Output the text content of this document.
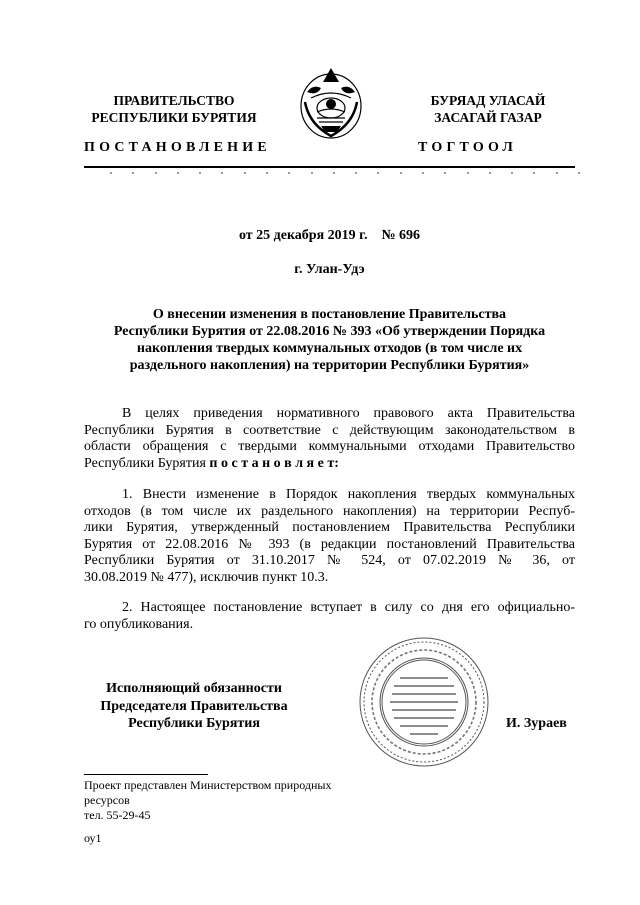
ПРАВИТЕЛЬСТВО
РЕСПУБЛИКИ БУРЯТИЯ
БУРЯАД УЛАСАЙ
ЗАСАГАЙ ГАЗАР
ПОСТАНОВЛЕНИЕ	ТОГТООЛ
от 25 декабря 2019 г.    № 696
г. Улан-Удэ
О внесении изменения в постановление Правительства
Республики Бурятия от 22.08.2016 № 393 «Об утверждении Порядка
накопления твердых коммунальных отходов (в том числе их
раздельного накопления) на территории Республики Бурятия»
В целях приведения нормативного правового акта Правительства
Республики Бурятия в соответствие с действующим законодательством в
области обращения с твердыми коммунальными отходами Правительство
Республики Бурятия п о с т а н о в л я е т:
1. Внести изменение в Порядок накопления твердых коммунальных
отходов (в том числе их раздельного накопления) на территории Респуб-
лики Бурятия, утвержденный постановлением Правительства Республики
Бурятия от 22.08.2016 № 393 (в редакции постановлений Правительства
Республики Бурятия от 31.10.2017 № 524, от 07.02.2019 № 36, от
30.08.2019 № 477), исключив пункт 10.3.
2. Настоящее постановление вступает в силу со дня его официально-
го опубликования.
Исполняющий обязанности
Председателя Правительства
Республики Бурятия	И. Зураев
Проект представлен Министерством природных
ресурсов
тел. 55-29-45
оу1
